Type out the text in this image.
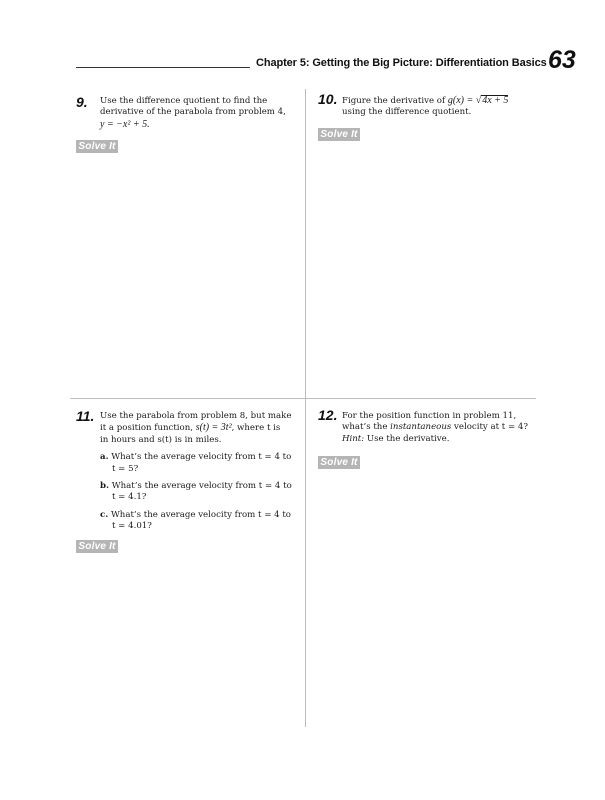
Chapter 5: Getting the Big Picture: Differentiation Basics 63
9. Use the difference quotient to find the
derivative of the parabola from problem 4,
y = −x² + 5.
Solve It
10. Figure the derivative of g(x) = √4x + 5
using the difference quotient.
Solve It
11. Use the parabola from problem 8, but make
it a position function, s(t) = 3t², where t is
in hours and s(t) is in miles.
a. What’s the average velocity from t = 4 to
t = 5?
b. What’s the average velocity from t = 4 to
t = 4.1?
c. What’s the average velocity from t = 4 to
t = 4.01?
Solve It
12. For the position function in problem 11,
what’s the instantaneous velocity at t = 4?
Hint: Use the derivative.
Solve It
